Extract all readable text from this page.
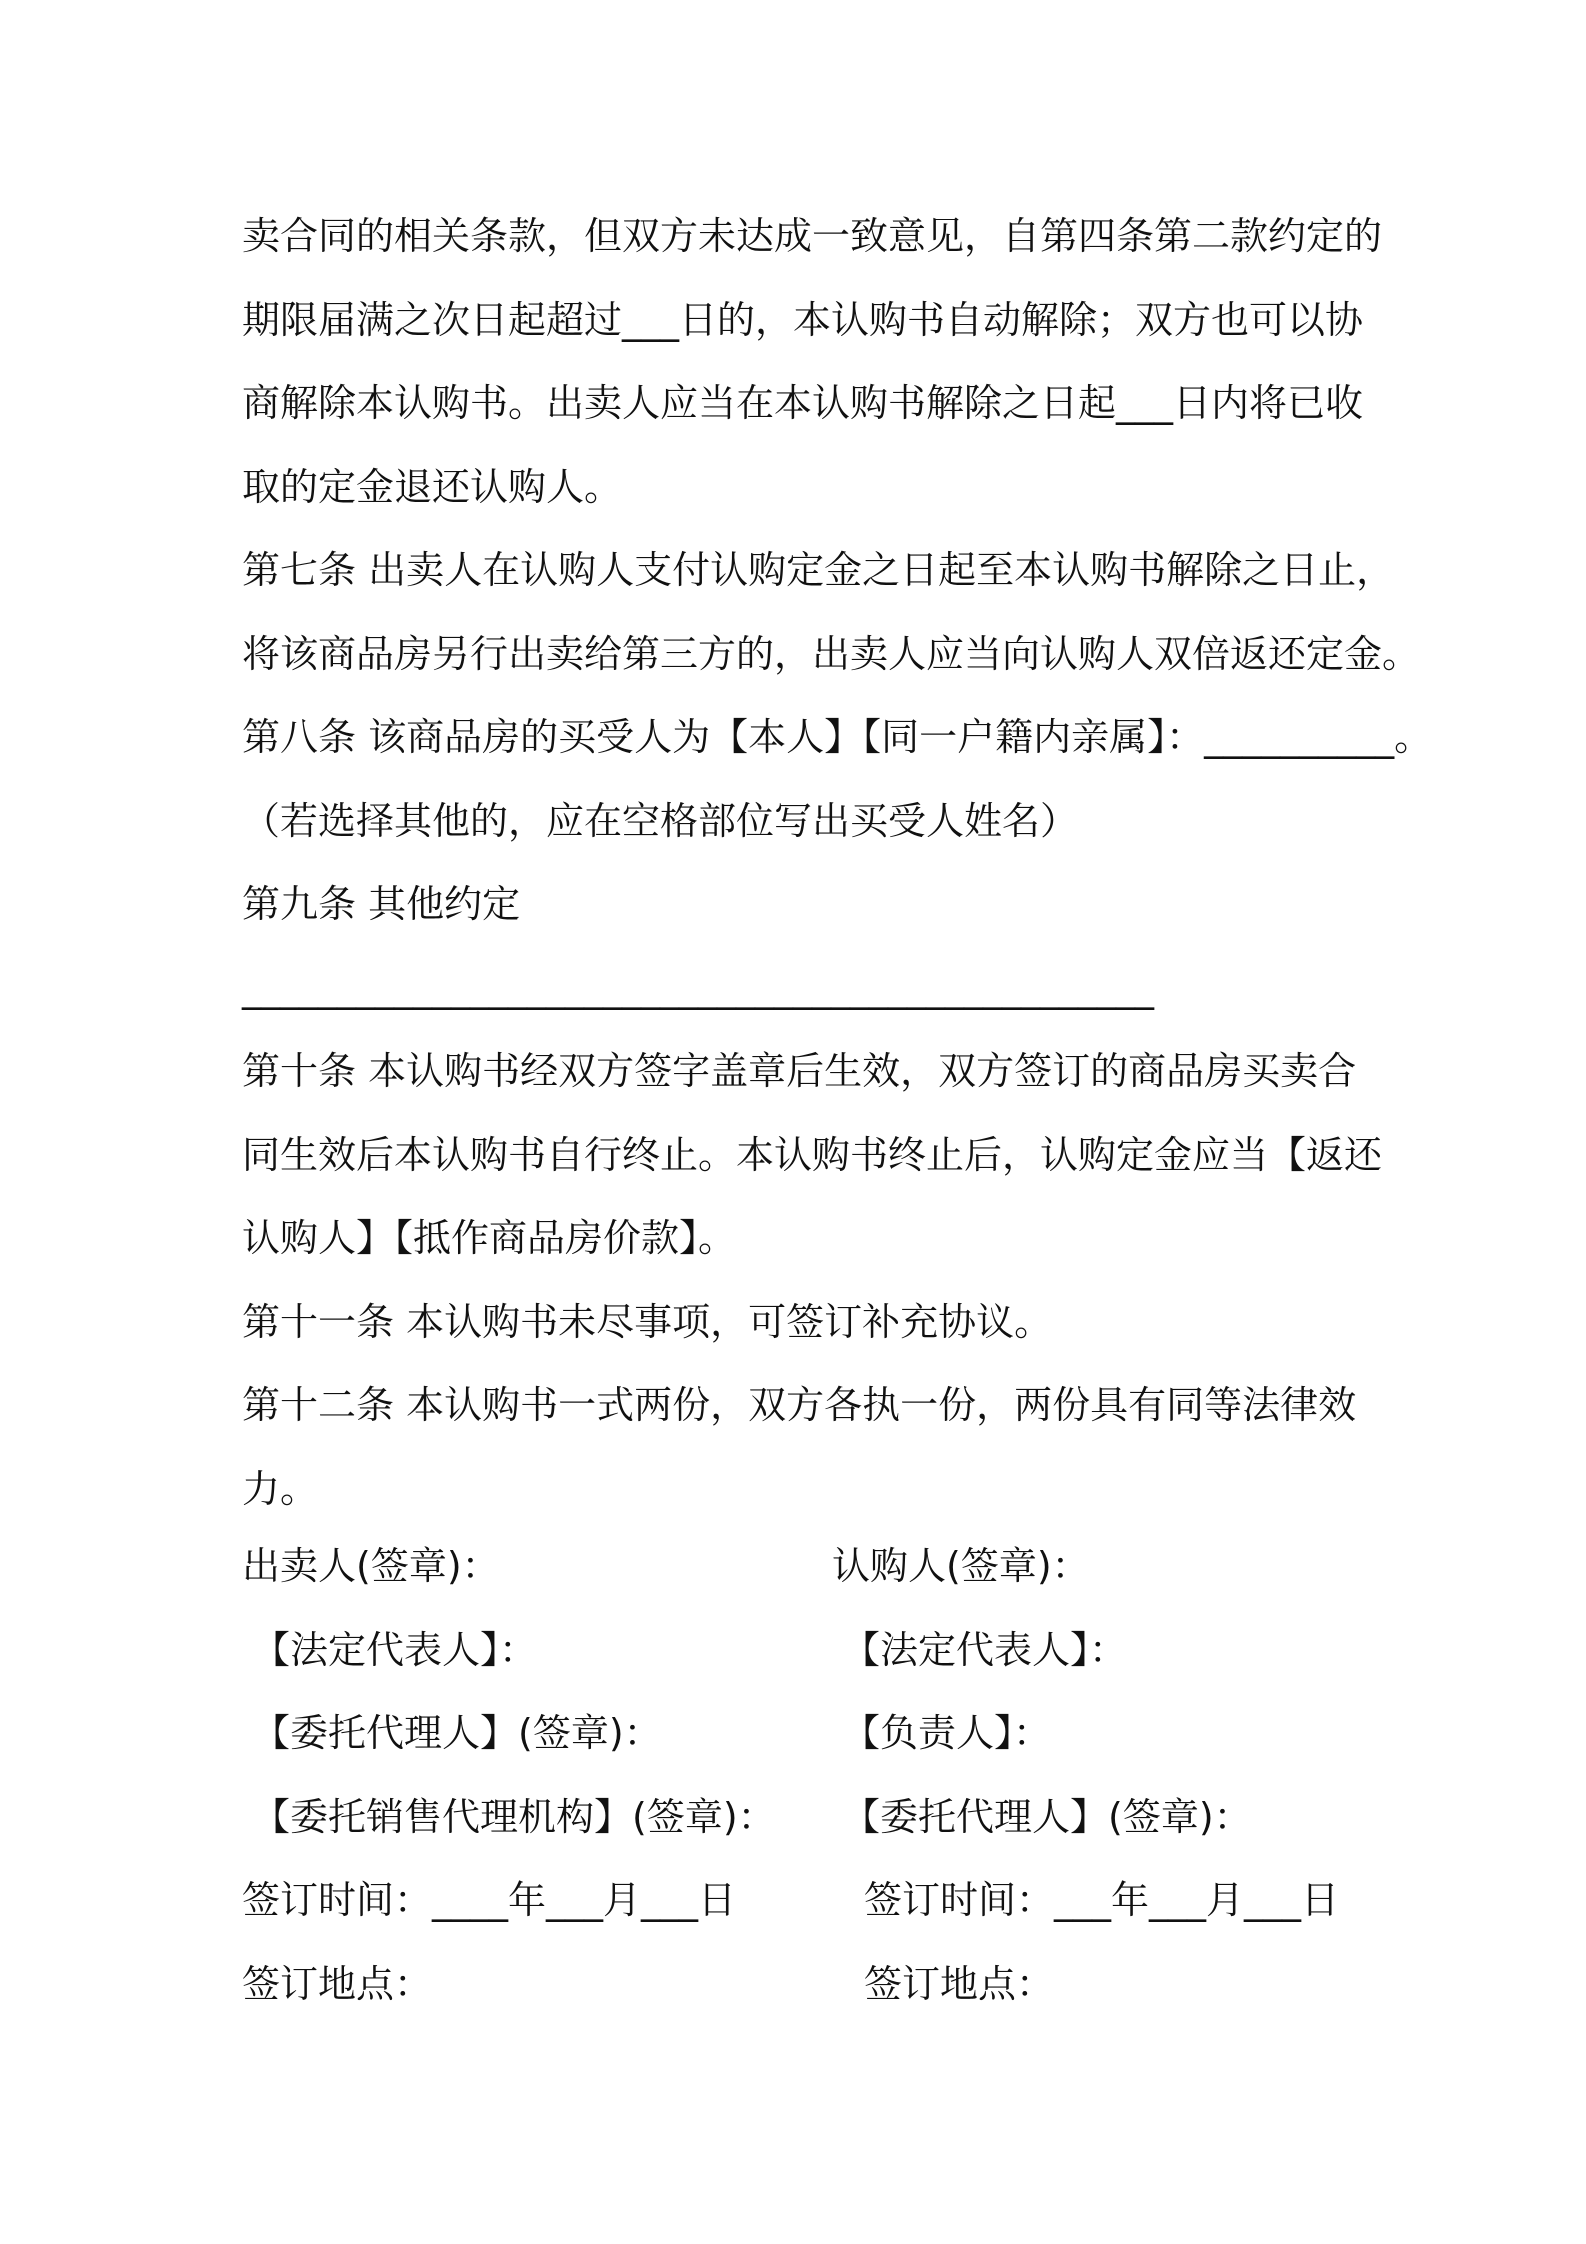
卖合同的相关条款，但双方未达成一致意见，自第四条第二款约定的
期限届满之次日起超过___日的，本认购书自动解除；双方也可以协
商解除本认购书。出卖人应当在本认购书解除之日起___日内将已收
取的定金退还认购人。
第七条 出卖人在认购人支付认购定金之日起至本认购书解除之日止，
将该商品房另行出卖给第三方的，出卖人应当向认购人双倍返还定金。
第八条 该商品房的买受人为【本人】【同一户籍内亲属】：__________。
（若选择其他的，应在空格部位写出买受人姓名）
第九条 其他约定
________________________________________________
第十条 本认购书经双方签字盖章后生效，双方签订的商品房买卖合
同生效后本认购书自行终止。本认购书终止后，认购定金应当【返还
认购人】【抵作商品房价款】。
第十一条 本认购书未尽事项，可签订补充协议。
第十二条 本认购书一式两份，双方各执一份，两份具有同等法律效
力。
出卖人(签章)：	认购人(签章)：
【法定代表人】：	【法定代表人】：
【委托代理人】(签章)：	【负责人】：
【委托销售代理机构】(签章)： 【委托代理人】(签章)：
签订时间：____年___月___日	签订时间：___年___月___日
签订地点：	签订地点：
